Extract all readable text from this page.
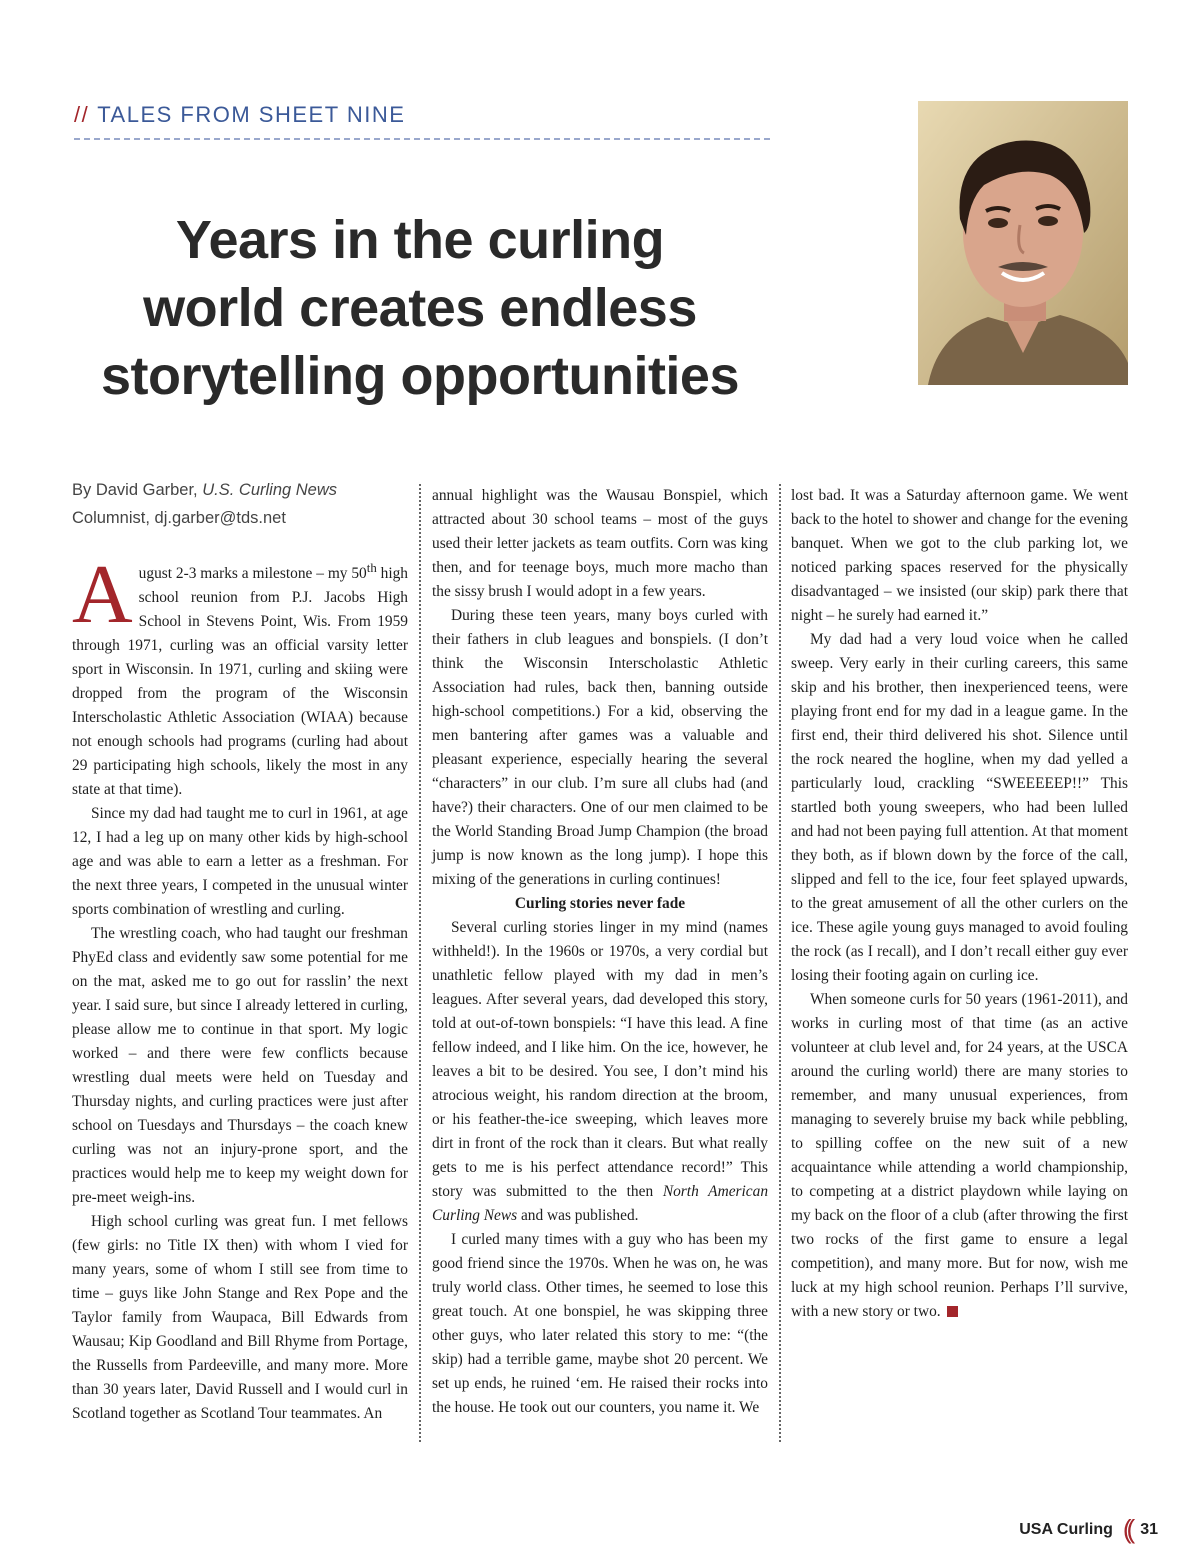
// TALES FROM SHEET NINE
Years in the curling
world creates endless
storytelling opportunities
By David Garber, U.S. Curling News
Columnist, dj.garber@tds.net

August 2-3 marks a milestone – my 50th high school reunion from P.J. Jacobs High School in Stevens Point, Wis. From 1959 through 1971, curling was an official varsity letter sport in Wisconsin. In 1971, curling and skiing were dropped from the program of the Wisconsin Interscholastic Athletic Association (WIAA) because not enough schools had programs (curling had about 29 participating high schools, likely the most in any state at that time).

Since my dad had taught me to curl in 1961, at age 12, I had a leg up on many other kids by high-school age and was able to earn a letter as a freshman. For the next three years, I competed in the unusual winter sports combination of wrestling and curling.

The wrestling coach, who had taught our freshman PhyEd class and evidently saw some potential for me on the mat, asked me to go out for rasslin’ the next year. I said sure, but since I already lettered in curling, please allow me to continue in that sport. My logic worked – and there were few conflicts because wrestling dual meets were held on Tuesday and Thursday nights, and curling practices were just after school on Tuesdays and Thursdays – the coach knew curling was not an injury-prone sport, and the practices would help me to keep my weight down for pre-meet weigh-ins.

High school curling was great fun. I met fellows (few girls: no Title IX then) with whom I vied for many years, some of whom I still see from time to time – guys like John Stange and Rex Pope and the Taylor family from Waupaca, Bill Edwards from Wausau; Kip Goodland and Bill Rhyme from Portage, the Russells from Pardeeville, and many more. More than 30 years later, David Russell and I would curl in Scotland together as Scotland Tour teammates. An

annual highlight was the Wausau Bonspiel, which attracted about 30 school teams – most of the guys used their letter jackets as team outfits. Corn was king then, and for teenage boys, much more macho than the sissy brush I would adopt in a few years.

During these teen years, many boys curled with their fathers in club leagues and bonspiels. (I don’t think the Wisconsin Interscholastic Athletic Association had rules, back then, banning outside high-school competitions.) For a kid, observing the men bantering after games was a valuable and pleasant experience, especially hearing the several “characters” in our club. I’m sure all clubs had (and have?) their characters. One of our men claimed to be the World Standing Broad Jump Champion (the broad jump is now known as the long jump). I hope this mixing of the generations in curling continues!

Curling stories never fade

Several curling stories linger in my mind (names withheld!). In the 1960s or 1970s, a very cordial but unathletic fellow played with my dad in men’s leagues. After several years, dad developed this story, told at out-of-town bonspiels: “I have this lead. A fine fellow indeed, and I like him. On the ice, however, he leaves a bit to be desired. You see, I don’t mind his atrocious weight, his random direction at the broom, or his feather-the-ice sweeping, which leaves more dirt in front of the rock than it clears. But what really gets to me is his perfect attendance record!” This story was submitted to the then North American Curling News and was published.

I curled many times with a guy who has been my good friend since the 1970s. When he was on, he was truly world class. Other times, he seemed to lose this great touch. At one bonspiel, he was skipping three other guys, who later related this story to me: “(the skip) had a terrible game, maybe shot 20 percent. We set up ends, he ruined ‘em. He raised their rocks into the house. He took out our counters, you name it. We

lost bad. It was a Saturday afternoon game. We went back to the hotel to shower and change for the evening banquet. When we got to the club parking lot, we noticed parking spaces reserved for the physically disadvantaged – we insisted (our skip) park there that night – he surely had earned it.”

My dad had a very loud voice when he called sweep. Very early in their curling careers, this same skip and his brother, then inexperienced teens, were playing front end for my dad in a league game. In the first end, their third delivered his shot. Silence until the rock neared the hogline, when my dad yelled a particularly loud, crackling “SWEEEEEP!!” This startled both young sweepers, who had been lulled and had not been paying full attention. At that moment they both, as if blown down by the force of the call, slipped and fell to the ice, four feet splayed upwards, to the great amusement of all the other curlers on the ice. These agile young guys managed to avoid fouling the rock (as I recall), and I don’t recall either guy ever losing their footing again on curling ice.

When someone curls for 50 years (1961-2011), and works in curling most of that time (as an active volunteer at club level and, for 24 years, at the USCA around the curling world) there are many stories to remember, and many unusual experiences, from managing to severely bruise my back while pebbling, to spilling coffee on the new suit of a new acquaintance while attending a world championship, to competing at a district playdown while laying on my back on the floor of a club (after throwing the first two rocks of the first game to ensure a legal competition), and many more. But for now, wish me luck at my high school reunion. Perhaps I’ll survive, with a new story or two.

USA Curling (( 31
